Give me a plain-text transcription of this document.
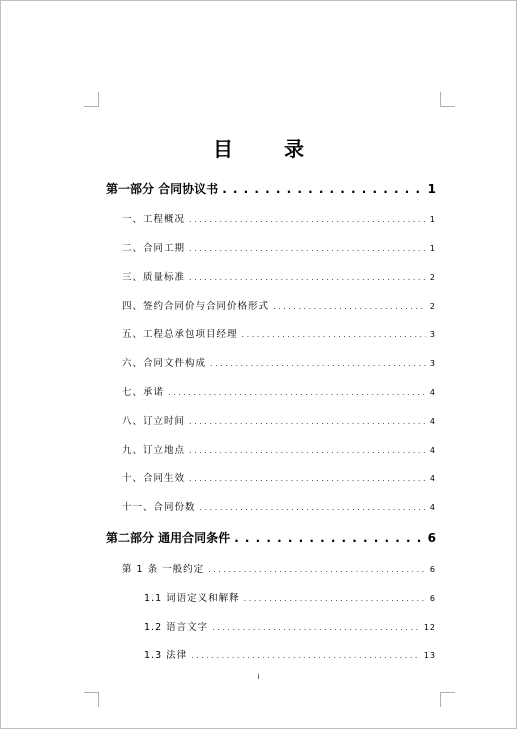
目 录
第一部分 合同协议书 . . .	1
一、工程概况 . . .	1
二、合同工期 . . .	1
三、质量标准 . . .	2
四、签约合同价与合同价格形式 . . .	2
五、工程总承包项目经理 . . .	3
六、合同文件构成 . . .	3
七、承诺 . . .	4
八、订立时间 . . .	4
九、订立地点 . . .	4
十、合同生效 . . .	4
十一、合同份数 . . .	4
第二部分 通用合同条件 . . .	6
第 1 条 一般约定 . . .	6
1.1 词语定义和解释 . . .	6
1.2 语言文字 . . .	12
1.3 法律 . . .	13
i
